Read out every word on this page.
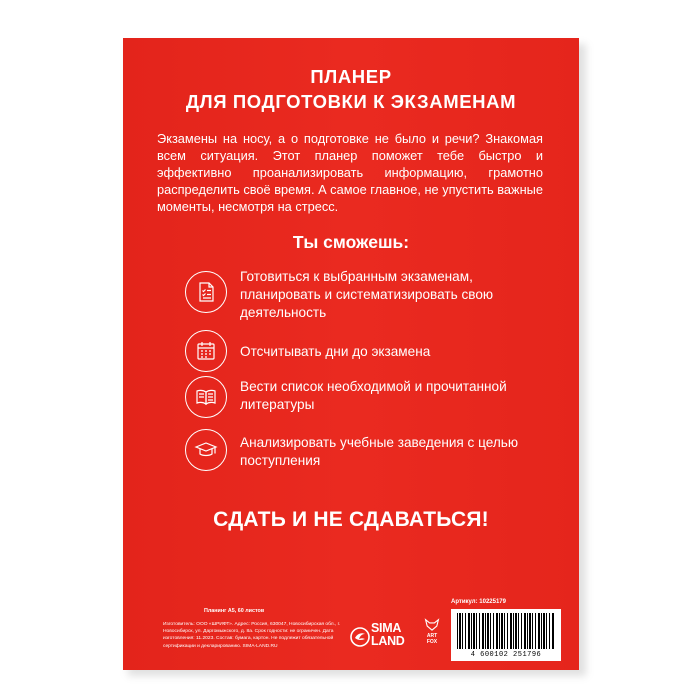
ПЛАНЕР
ДЛЯ ПОДГОТОВКИ К ЭКЗАМЕНАМ
Экзамены на носу, а о подготовке не было и речи? Знакомая всем ситуация. Этот планер поможет тебе быстро и эффективно проанализировать информацию, грамотно распределить своё время. А самое главное, не упустить важные моменты, несмотря на стресс.
Ты сможешь:
Готовиться к выбранным экзаменам, планировать и систематизировать свою деятельность
Отсчитывать дни до экзамена
Вести список необходимой и прочитанной литературы
Анализировать учебные заведения с целью поступления
СДАТЬ И НЕ СДАВАТЬСЯ!
Планинг А5, 60 листов
Изготовитель: ООО «ШРИФТ». Адрес: Россия, 630047, Новосибирская обл., г. Новосибирск, ул. Даргомыжского, д. 8а. Срок годности: не ограничен. Дата изготовления: 11.2023. Состав: бумага, картон. Не подлежит обязательной сертификации и декларированию. SIMA-LAND.RU
SIMA
LAND	ART
FOX
Артикул: 10225179
4 600102 251796
